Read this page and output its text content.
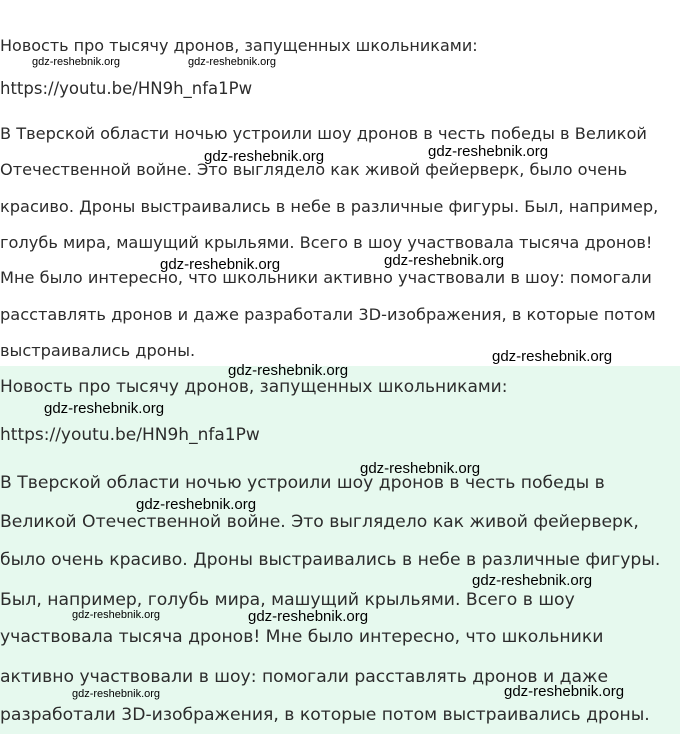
Новость про тысячу дронов, запущенных школьниками:
https://youtu.be/HN9h_nfa1Pw
В Тверской области ночью устроили шоу дронов в честь победы в Великой
Отечественной войне. Это выглядело как живой фейерверк, было очень
красиво. Дроны выстраивались в небе в различные фигуры. Был, например,
голубь мира, машущий крыльями. Всего в шоу участвовала тысяча дронов!
Мне было интересно, что школьники активно участвовали в шоу: помогали
расставлять дронов и даже разработали 3D-изображения, в которые потом
выстраивались дроны.
gdz-reshebnik.org	gdz-reshebnik.org
gdz-reshebnik.org	gdz-reshebnik.org
gdz-reshebnik.org	gdz-reshebnik.org
gdz-reshebnik.org
Новость про тысячу дронов, запущенных школьниками:
https://youtu.be/HN9h_nfa1Pw
В Тверской области ночью устроили шоу дронов в честь победы в
Великой Отечественной войне. Это выглядело как живой фейерверк,
было очень красиво. Дроны выстраивались в небе в различные фигуры.
Был, например, голубь мира, машущий крыльями. Всего в шоу
участвовала тысяча дронов! Мне было интересно, что школьники
активно участвовали в шоу: помогали расставлять дронов и даже
разработали 3D-изображения, в которые потом выстраивались дроны.
gdz-reshebnik.org
gdz-reshebnik.org
gdz-reshebnik.org
gdz-reshebnik.org
gdz-reshebnik.org
gdz-reshebnik.org	gdz-reshebnik.org
gdz-reshebnik.org	gdz-reshebnik.org
